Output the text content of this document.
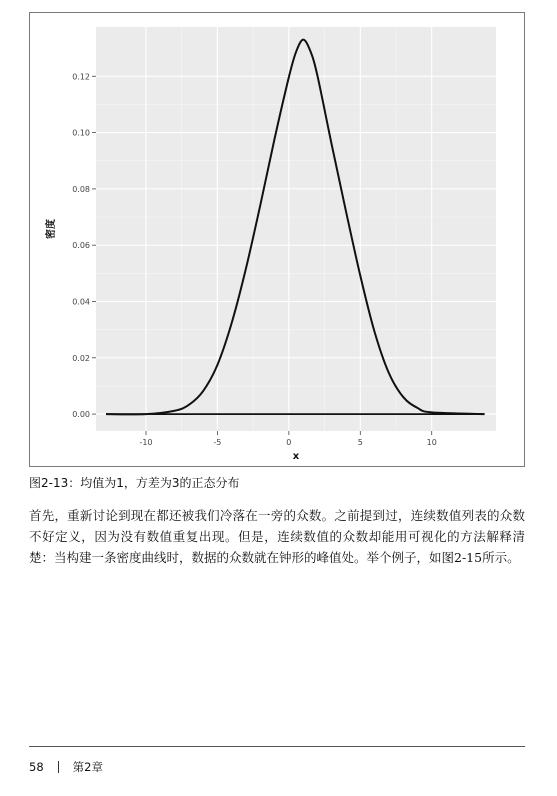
0.00
0.02
0.04
0.06
0.08
0.10
0.12
-10	-5	0	5	10
x
密度
图2-13：均值为1，方差为3的正态分布

首先，重新讨论到现在都还被我们冷落在一旁的众数。之前提到过，连续数值列表的众数不好定义，因为没有数值重复出现。但是，连续数值的众数却能用可视化的方法解释清楚：当构建一条密度曲线时，数据的众数就在钟形的峰值处。举个例子，如图2-15所示。

58	第2章
